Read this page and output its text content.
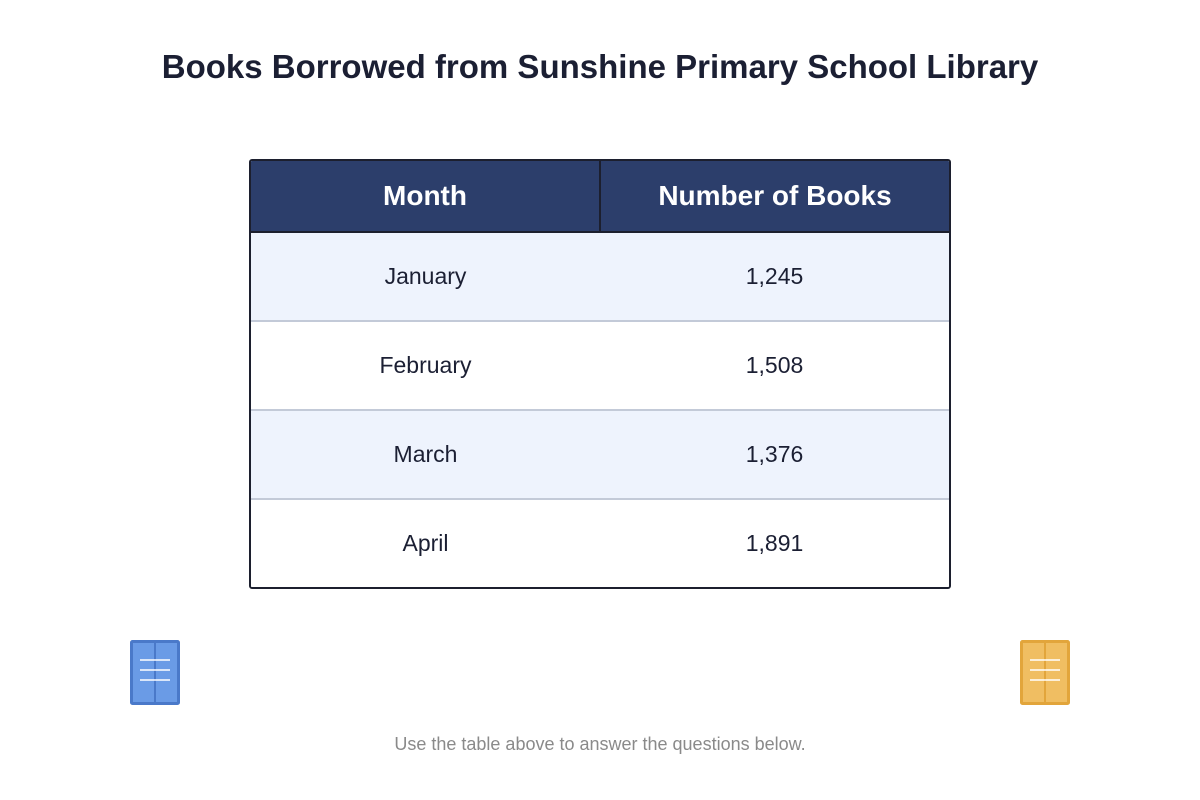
Books Borrowed from Sunshine Primary School Library
Month	Number of Books
January	1,245
February	1,508
March	1,376
April	1,891

Use the table above to answer the questions below.
